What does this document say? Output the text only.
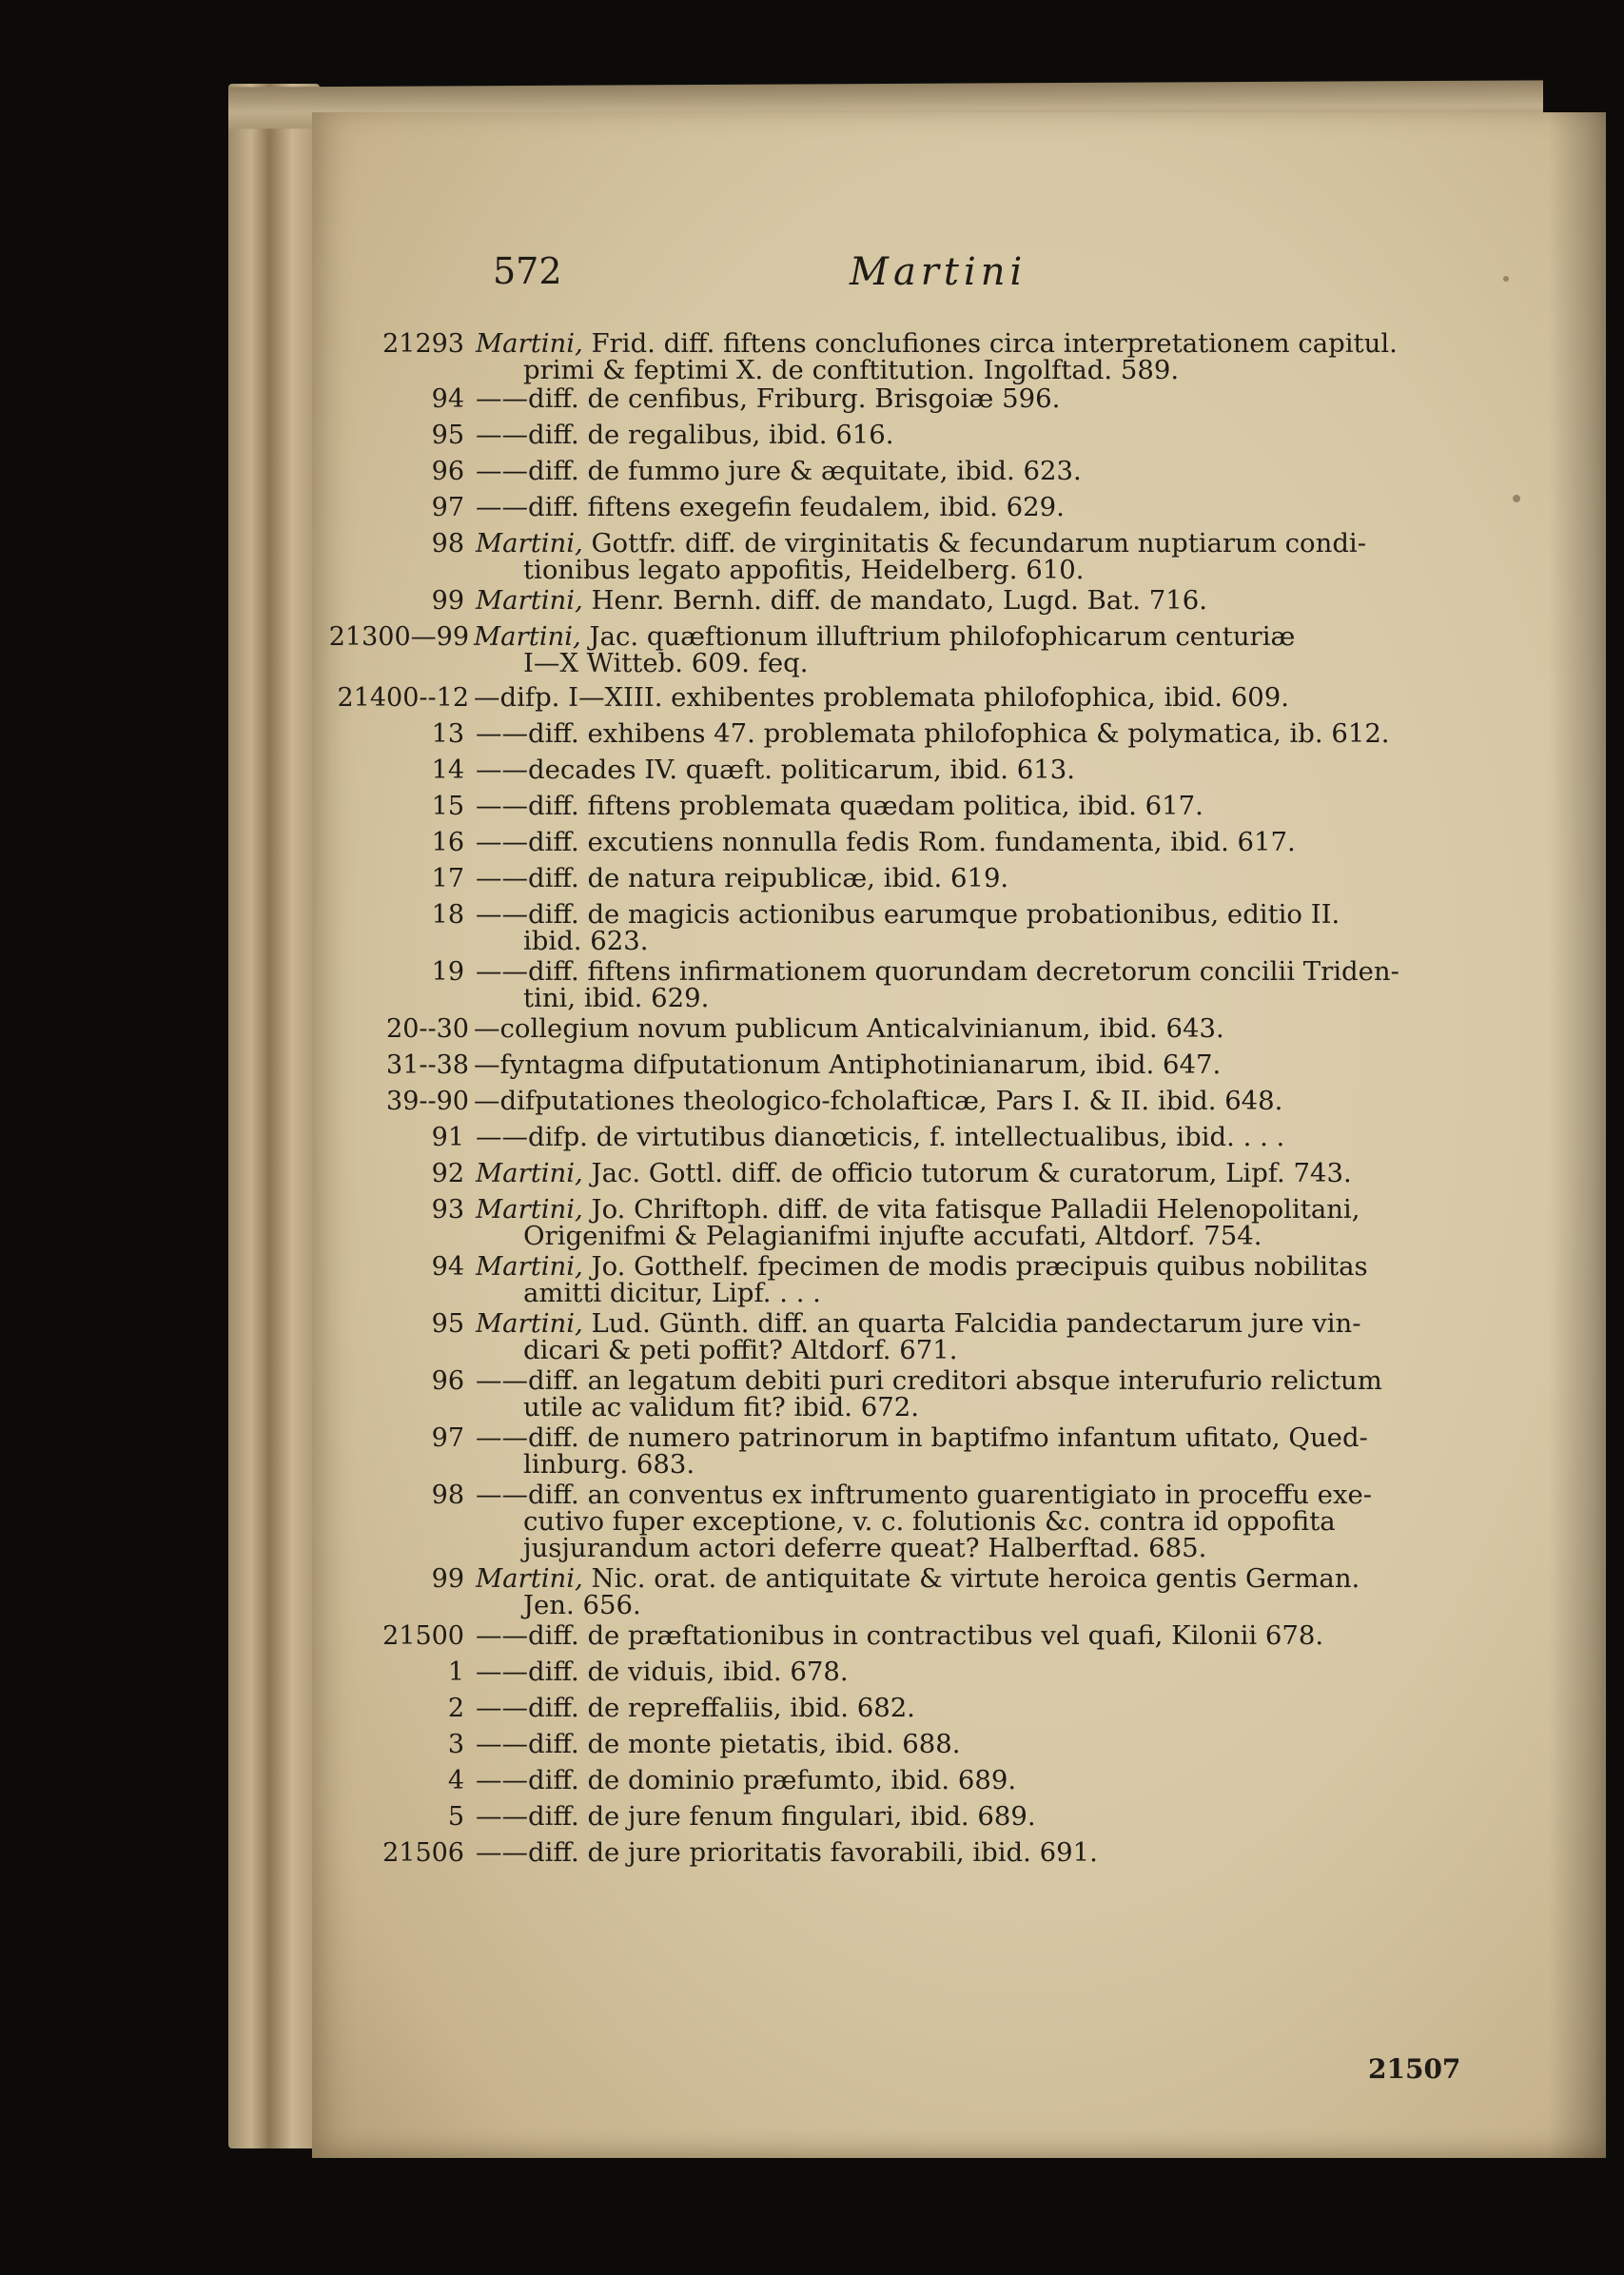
572	Martini
21293 Martini, Frid. diff. fiftens conclufiones circa interpretationem capitul.
primi & feptimi X. de conftitution. Ingolftad. 589.
94 ——diff. de cenfibus, Friburg. Brisgoiæ 596.
95 ——diff. de regalibus, ibid. 616.
96 ——diff. de fummo jure & æquitate, ibid. 623.
97 ——diff. fiftens exegefin feudalem, ibid. 629.
98 Martini, Gottfr. diff. de virginitatis & fecundarum nuptiarum condi-
tionibus legato appofitis, Heidelberg. 610.
99 Martini, Henr. Bernh. diff. de mandato, Lugd. Bat. 716.
21300—99 Martini, Jac. quæftionum illuftrium philofophicarum centuriæ
I—X Witteb. 609. feq.
21400--12 —difp. I—XIII. exhibentes problemata philofophica, ibid. 609.
13 ——diff. exhibens 47. problemata philofophica & polymatica, ib. 612.
14 ——decades IV. quæft. politicarum, ibid. 613.
15 ——diff. fiftens problemata quædam politica, ibid. 617.
16 ——diff. excutiens nonnulla fedis Rom. fundamenta, ibid. 617.
17 ——diff. de natura reipublicæ, ibid. 619.
18 ——diff. de magicis actionibus earumque probationibus, editio II.
ibid. 623.
19 ——diff. fiftens infirmationem quorundam decretorum concilii Triden-
tini, ibid. 629.
20--30 —collegium novum publicum Anticalvinianum, ibid. 643.
31--38 —fyntagma difputationum Antiphotinianarum, ibid. 647.
39--90 —difputationes theologico-fcholafticæ, Pars I. & II. ibid. 648.
91 ——difp. de virtutibus dianœticis, f. intellectualibus, ibid. . . .
92 Martini, Jac. Gottl. diff. de officio tutorum & curatorum, Lipf. 743.
93 Martini, Jo. Chriftoph. diff. de vita fatisque Palladii Helenopolitani,
Origenifmi & Pelagianifmi injufte accufati, Altdorf. 754.
94 Martini, Jo. Gotthelf. fpecimen de modis præcipuis quibus nobilitas
amitti dicitur, Lipf. . . .
95 Martini, Lud. Günth. diff. an quarta Falcidia pandectarum jure vin-
dicari & peti poffit? Altdorf. 671.
96 ——diff. an legatum debiti puri creditori absque interufurio relictum
utile ac validum fit? ibid. 672.
97 ——diff. de numero patrinorum in baptifmo infantum ufitato, Qued-
linburg. 683.
98 ——diff. an conventus ex inftrumento guarentigiato in proceffu exe-
cutivo fuper exceptione, v. c. folutionis &c. contra id oppofita
jusjurandum actori deferre queat? Halberftad. 685.
99 Martini, Nic. orat. de antiquitate & virtute heroica gentis German.
Jen. 656.
21500 ——diff. de præftationibus in contractibus vel quafi, Kilonii 678.
1 ——diff. de viduis, ibid. 678.
2 ——diff. de repreffaliis, ibid. 682.
3 ——diff. de monte pietatis, ibid. 688.
4 ——diff. de dominio præfumto, ibid. 689.
5 ——diff. de jure fenum fingulari, ibid. 689.
21506 ——diff. de jure prioritatis favorabili, ibid. 691.
21507
